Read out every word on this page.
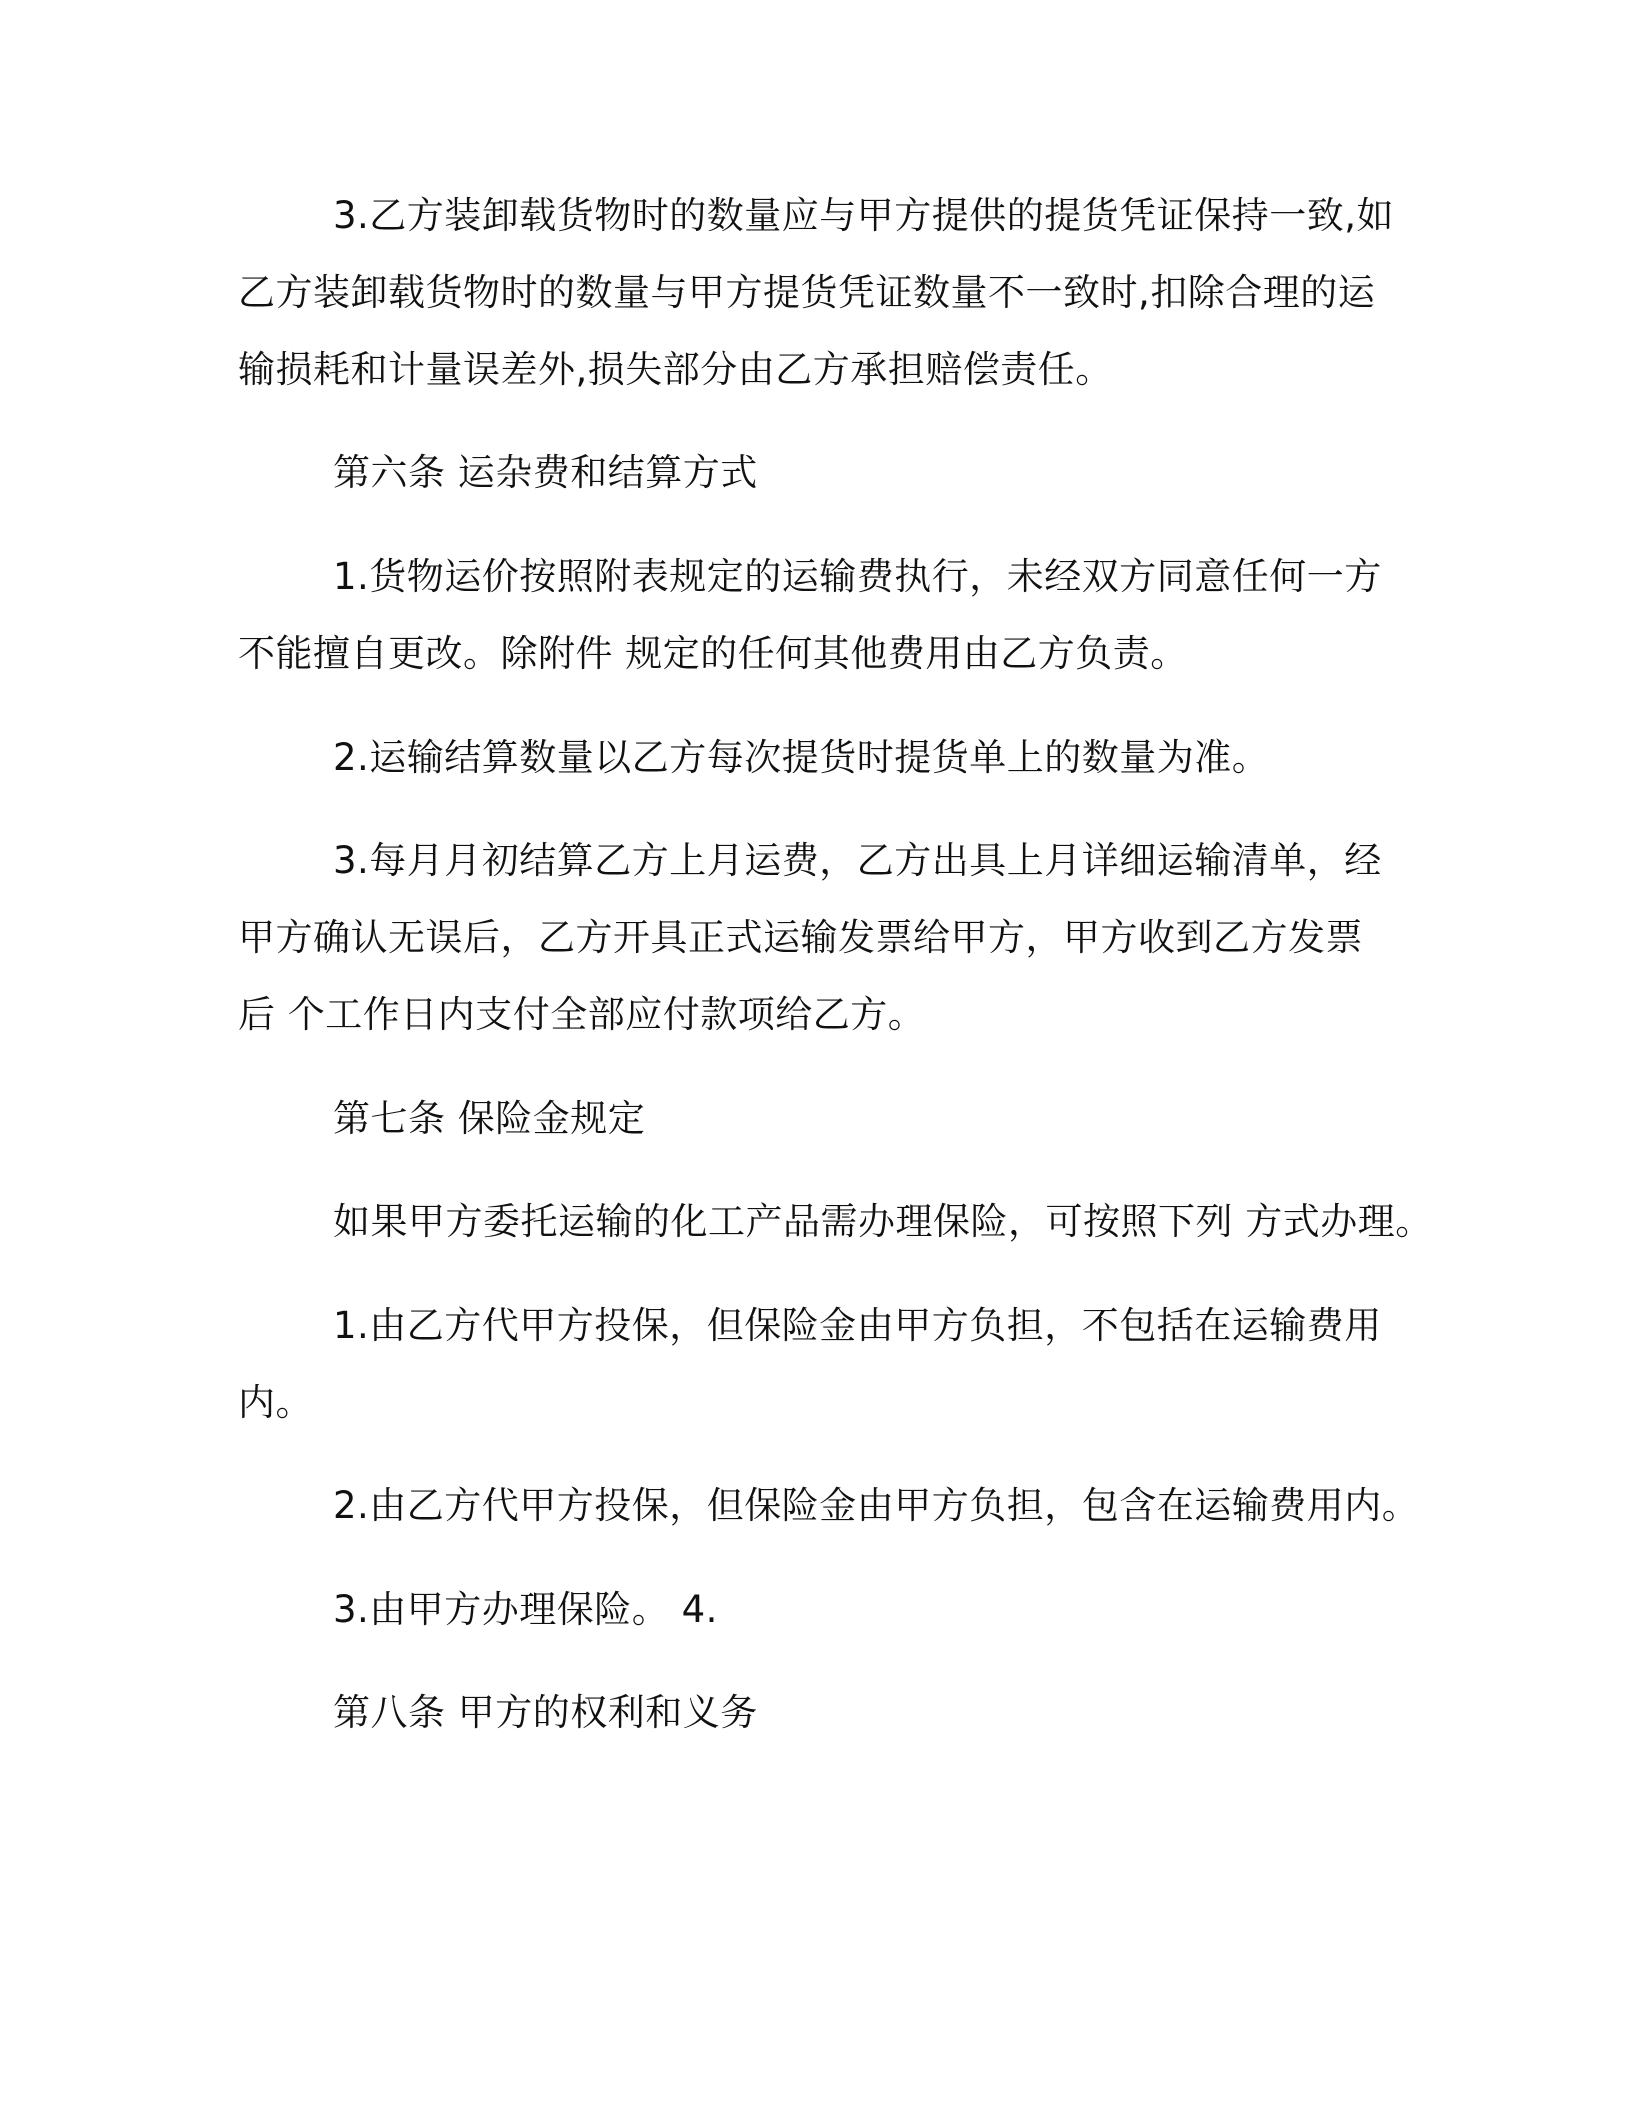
3.乙方装卸载货物时的数量应与甲方提供的提货凭证保持一致,如
乙方装卸载货物时的数量与甲方提货凭证数量不一致时,扣除合理的运
输损耗和计量误差外,损失部分由乙方承担赔偿责任。
第六条 运杂费和结算方式
1.货物运价按照附表规定的运输费执行，未经双方同意任何一方
不能擅自更改。除附件 规定的任何其他费用由乙方负责。
2.运输结算数量以乙方每次提货时提货单上的数量为准。
3.每月月初结算乙方上月运费，乙方出具上月详细运输清单，经
甲方确认无误后，乙方开具正式运输发票给甲方，甲方收到乙方发票
后 个工作日内支付全部应付款项给乙方。
第七条 保险金规定
如果甲方委托运输的化工产品需办理保险，可按照下列 方式办理。
1.由乙方代甲方投保，但保险金由甲方负担，不包括在运输费用
内。
2.由乙方代甲方投保，但保险金由甲方负担，包含在运输费用内。
3.由甲方办理保险。 4.
第八条 甲方的权利和义务
